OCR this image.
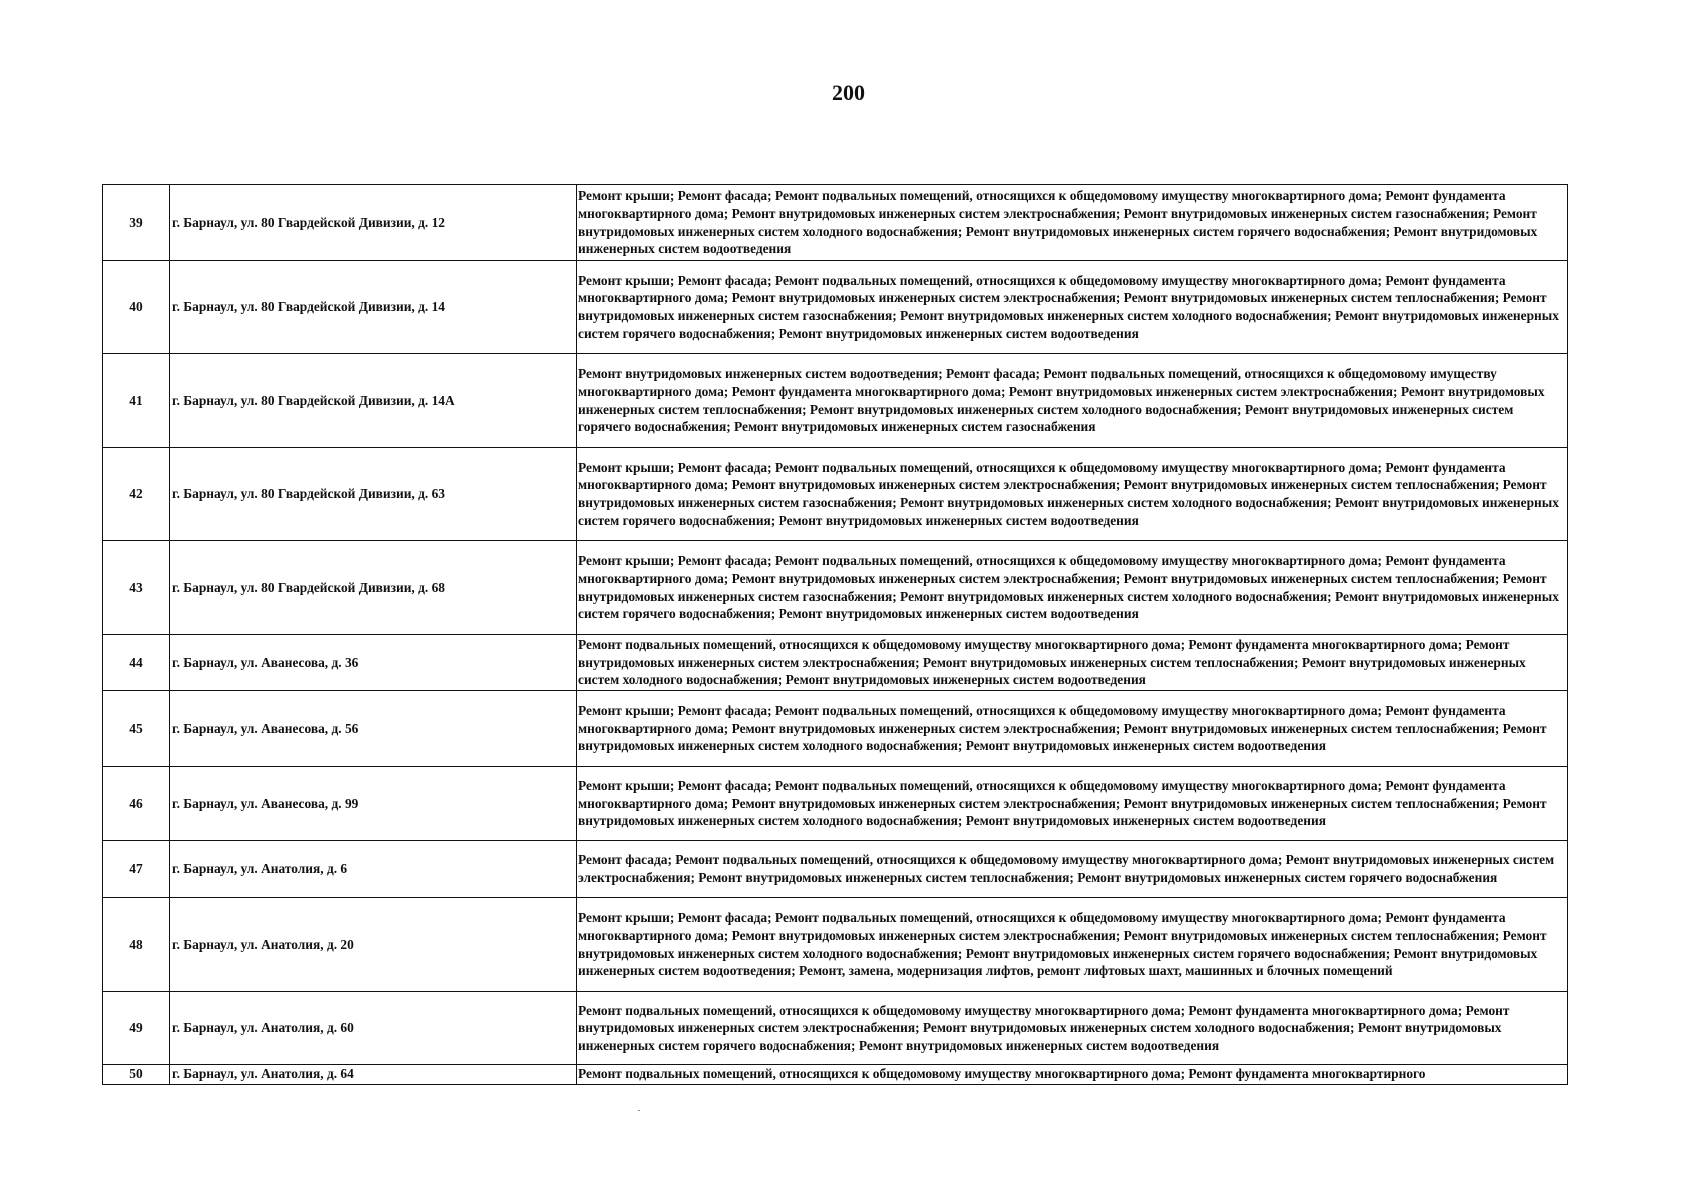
200
39	г. Барнаул, ул. 80 Гвардейской Дивизии, д. 12	Ремонт крыши; Ремонт фасада; Ремонт подвальных помещений, относящихся к общедомовому имуществу многоквартирного дома; Ремонт фундамента многоквартирного дома; Ремонт внутридомовых инженерных систем электроснабжения; Ремонт внутридомовых инженерных систем газоснабжения; Ремонт внутридомовых инженерных систем холодного водоснабжения; Ремонт внутридомовых инженерных систем горячего водоснабжения; Ремонт внутридомовых инженерных систем водоотведения

40	г. Барнаул, ул. 80 Гвардейской Дивизии, д. 14	Ремонт крыши; Ремонт фасада; Ремонт подвальных помещений, относящихся к общедомовому имуществу многоквартирного дома; Ремонт фундамента многоквартирного дома; Ремонт внутридомовых инженерных систем электроснабжения; Ремонт внутридомовых инженерных систем теплоснабжения; Ремонт внутридомовых инженерных систем газоснабжения; Ремонт внутридомовых инженерных систем холодного водоснабжения; Ремонт внутридомовых инженерных систем горячего водоснабжения; Ремонт внутридомовых инженерных систем водоотведения

41	г. Барнаул, ул. 80 Гвардейской Дивизии, д. 14А	Ремонт внутридомовых инженерных систем водоотведения; Ремонт фасада; Ремонт подвальных помещений, относящихся к общедомовому имуществу многоквартирного дома; Ремонт фундамента многоквартирного дома; Ремонт внутридомовых инженерных систем электроснабжения; Ремонт внутридомовых инженерных систем теплоснабжения; Ремонт внутридомовых инженерных систем холодного водоснабжения; Ремонт внутридомовых инженерных систем горячего водоснабжения; Ремонт внутридомовых инженерных систем газоснабжения

42	г. Барнаул, ул. 80 Гвардейской Дивизии, д. 63	Ремонт крыши; Ремонт фасада; Ремонт подвальных помещений, относящихся к общедомовому имуществу многоквартирного дома; Ремонт фундамента многоквартирного дома; Ремонт внутридомовых инженерных систем электроснабжения; Ремонт внутридомовых инженерных систем теплоснабжения; Ремонт внутридомовых инженерных систем газоснабжения; Ремонт внутридомовых инженерных систем холодного водоснабжения; Ремонт внутридомовых инженерных систем горячего водоснабжения; Ремонт внутридомовых инженерных систем водоотведения

43	г. Барнаул, ул. 80 Гвардейской Дивизии, д. 68	Ремонт крыши; Ремонт фасада; Ремонт подвальных помещений, относящихся к общедомовому имуществу многоквартирного дома; Ремонт фундамента многоквартирного дома; Ремонт внутридомовых инженерных систем электроснабжения; Ремонт внутридомовых инженерных систем теплоснабжения; Ремонт внутридомовых инженерных систем газоснабжения; Ремонт внутридомовых инженерных систем холодного водоснабжения; Ремонт внутридомовых инженерных систем горячего водоснабжения; Ремонт внутридомовых инженерных систем водоотведения

44	г. Барнаул, ул. Аванесова, д. 36	Ремонт подвальных помещений, относящихся к общедомовому имуществу многоквартирного дома; Ремонт фундамента многоквартирного дома; Ремонт внутридомовых инженерных систем электроснабжения; Ремонт внутридомовых инженерных систем теплоснабжения; Ремонт внутридомовых инженерных систем холодного водоснабжения; Ремонт внутридомовых инженерных систем водоотведения

45	г. Барнаул, ул. Аванесова, д. 56	Ремонт крыши; Ремонт фасада; Ремонт подвальных помещений, относящихся к общедомовому имуществу многоквартирного дома; Ремонт фундамента многоквартирного дома; Ремонт внутридомовых инженерных систем электроснабжения; Ремонт внутридомовых инженерных систем теплоснабжения; Ремонт внутридомовых инженерных систем холодного водоснабжения; Ремонт внутридомовых инженерных систем водоотведения

46	г. Барнаул, ул. Аванесова, д. 99	Ремонт крыши; Ремонт фасада; Ремонт подвальных помещений, относящихся к общедомовому имуществу многоквартирного дома; Ремонт фундамента многоквартирного дома; Ремонт внутридомовых инженерных систем электроснабжения; Ремонт внутридомовых инженерных систем теплоснабжения; Ремонт внутридомовых инженерных систем холодного водоснабжения; Ремонт внутридомовых инженерных систем водоотведения

47	г. Барнаул, ул. Анатолия, д. 6	Ремонт фасада; Ремонт подвальных помещений, относящихся к общедомовому имуществу многоквартирного дома; Ремонт внутридомовых инженерных систем электроснабжения; Ремонт внутридомовых инженерных систем теплоснабжения; Ремонт внутридомовых инженерных систем горячего водоснабжения

48	г. Барнаул, ул. Анатолия, д. 20	Ремонт крыши; Ремонт фасада; Ремонт подвальных помещений, относящихся к общедомовому имуществу многоквартирного дома; Ремонт фундамента многоквартирного дома; Ремонт внутридомовых инженерных систем электроснабжения; Ремонт внутридомовых инженерных систем теплоснабжения; Ремонт внутридомовых инженерных систем холодного водоснабжения; Ремонт внутридомовых инженерных систем горячего водоснабжения; Ремонт внутридомовых инженерных систем водоотведения; Ремонт, замена, модернизация лифтов, ремонт лифтовых шахт, машинных и блочных помещений

49	г. Барнаул, ул. Анатолия, д. 60	Ремонт подвальных помещений, относящихся к общедомовому имуществу многоквартирного дома; Ремонт фундамента многоквартирного дома; Ремонт внутридомовых инженерных систем электроснабжения; Ремонт внутридомовых инженерных систем холодного водоснабжения; Ремонт внутридомовых инженерных систем горячего водоснабжения; Ремонт внутридомовых инженерных систем водоотведения

50	г. Барнаул, ул. Анатолия, д. 64	Ремонт подвальных помещений, относящихся к общедомовому имуществу многоквартирного дома; Ремонт фундамента многоквартирного
